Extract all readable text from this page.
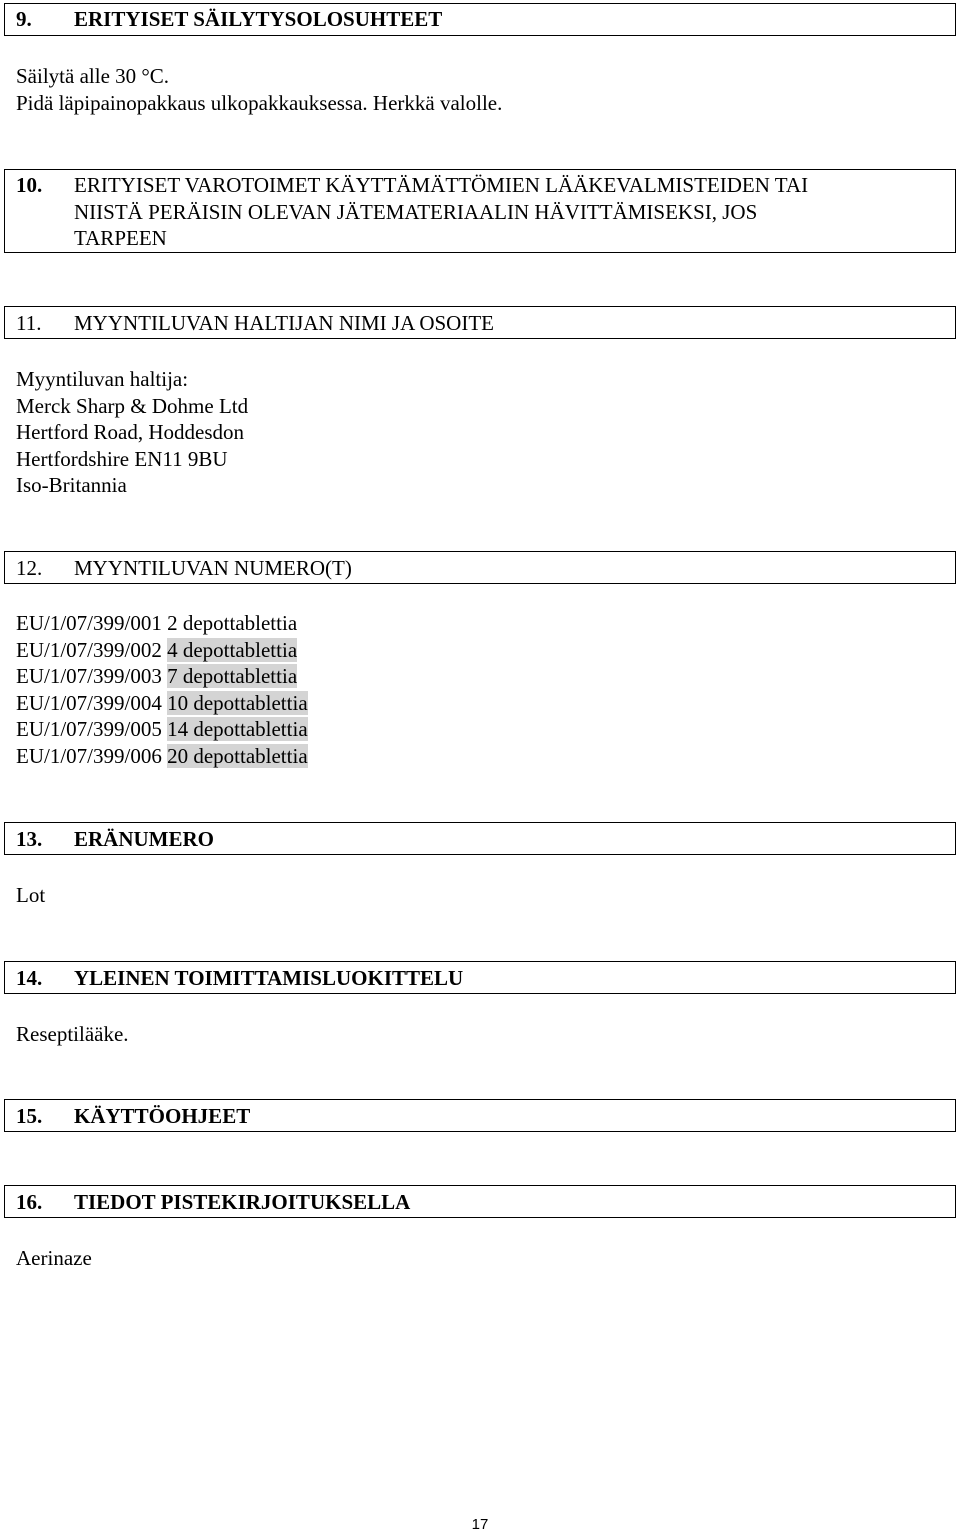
9. ERITYISET SÄILYTYSOLOSUHTEET
Säilytä alle 30 °C.
Pidä läpipainopakkaus ulkopakkauksessa. Herkkä valolle.
10. ERITYISET VAROTOIMET KÄYTTÄMÄTTÖMIEN LÄÄKEVALMISTEIDEN TAI
NIISTÄ PERÄISIN OLEVAN JÄTEMATERIAALIN HÄVITTÄMISEKSI, JOS
TARPEEN
11. MYYNTILUVAN HALTIJAN NIMI JA OSOITE
Myyntiluvan haltija:
Merck Sharp & Dohme Ltd
Hertford Road, Hoddesdon
Hertfordshire EN11 9BU
Iso-Britannia
12. MYYNTILUVAN NUMERO(T)
EU/1/07/399/001 2 depottablettia
EU/1/07/399/002 4 depottablettia
EU/1/07/399/003 7 depottablettia
EU/1/07/399/004 10 depottablettia
EU/1/07/399/005 14 depottablettia
EU/1/07/399/006 20 depottablettia
13. ERÄNUMERO
Lot
14. YLEINEN TOIMITTAMISLUOKITTELU
Reseptilääke.
15. KÄYTTÖOHJEET
16. TIEDOT PISTEKIRJOITUKSELLA
Aerinaze
17
